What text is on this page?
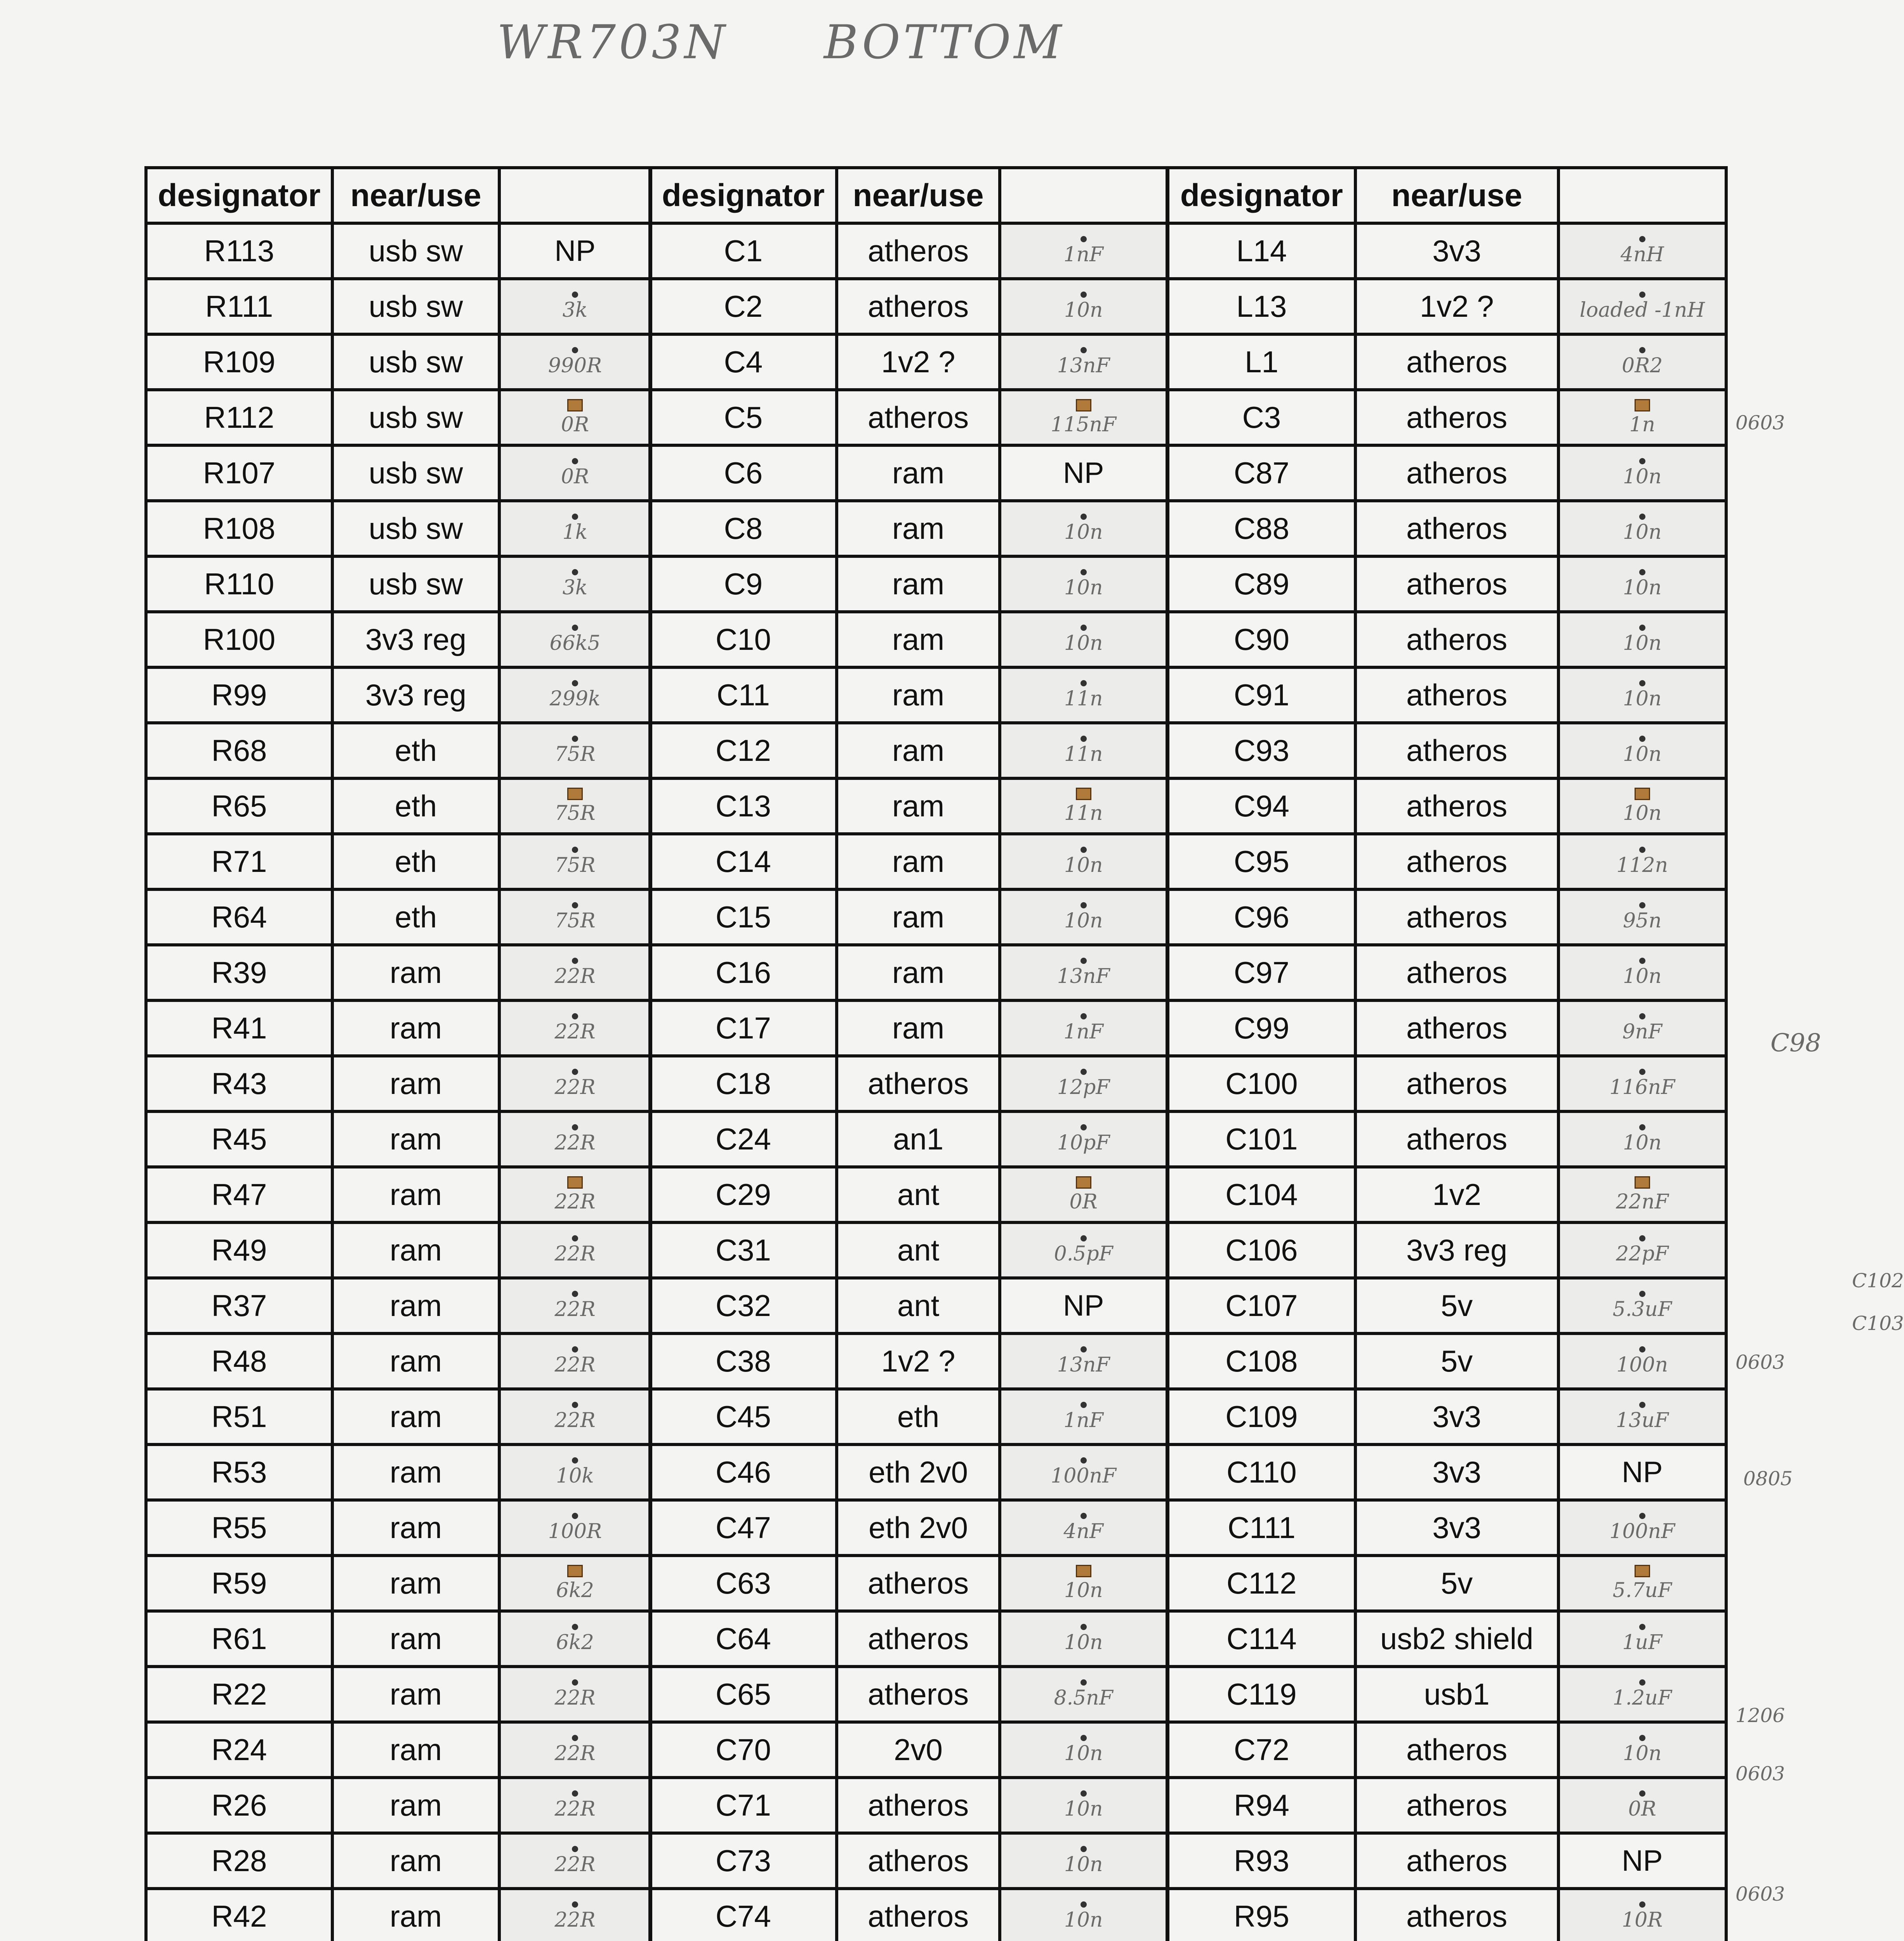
WR703N BOTTOM
designator	near/use	
R113	usb sw	NP
R111	usb sw	3k
R109	usb sw	990R
R112	usb sw	0R
R107	usb sw	0R
R108	usb sw	1k
R110	usb sw	3k
R100	3v3 reg	66k5
R99	3v3 reg	299k
R68	eth	75R
R65	eth	75R
R71	eth	75R
R64	eth	75R
R39	ram	22R
R41	ram	22R
R43	ram	22R
R45	ram	22R
R47	ram	22R
R49	ram	22R
R37	ram	22R
R48	ram	22R
R51	ram	22R
R53	ram	10k
R55	ram	100R
R59	ram	6k2
R61	ram	6k2
R22	ram	22R
R24	ram	22R
R26	ram	22R
R28	ram	22R
R42	ram	22R

designator	near/use	
C1	atheros	1nF
C2	atheros	10n
C4	1v2 ?	13nF
C5	atheros	115nF
C6	ram	NP
C8	ram	10n
C9	ram	10n
C10	ram	10n
C11	ram	11n
C12	ram	11n
C13	ram	11n
C14	ram	10n
C15	ram	10n
C16	ram	13nF
C17	ram	1nF
C18	atheros	12pF
C24	an1	10pF
C29	ant	0R
C31	ant	0.5pF
C32	ant	NP
C38	1v2 ?	13nF
C45	eth	1nF
C46	eth 2v0	100nF
C47	eth 2v0	4nF
C63	atheros	10n
C64	atheros	10n
C65	atheros	8.5nF
C70	2v0	10n
C71	atheros	10n
C73	atheros	10n
C74	atheros	10n

designator	near/use	
L14	3v3	4nH
L13	1v2 ?	loaded -1nH
L1	atheros	0R2
C3	atheros	1n
C87	atheros	10n
C88	atheros	10n
C89	atheros	10n
C90	atheros	10n
C91	atheros	10n
C93	atheros	10n
C94	atheros	10n
C95	atheros	112n
C96	atheros	95n
C97	atheros	10n
C99	atheros	9nF
C100	atheros	116nF
C101	atheros	10n
C104	1v2	22nF
C106	3v3 reg	22pF
C107	5v	5.3uF
C108	5v	100n
C109	3v3	13uF
C110	3v3	NP
C111	3v3	100nF
C112	5v	5.7uF
C114	usb2 shield	1uF
C119	usb1	1.2uF
C72	atheros	10n
R94	atheros	0R
R93	atheros	NP
R95	atheros	10R

0603
C98
C102
C103
0805
0603
1206
0603
0603
